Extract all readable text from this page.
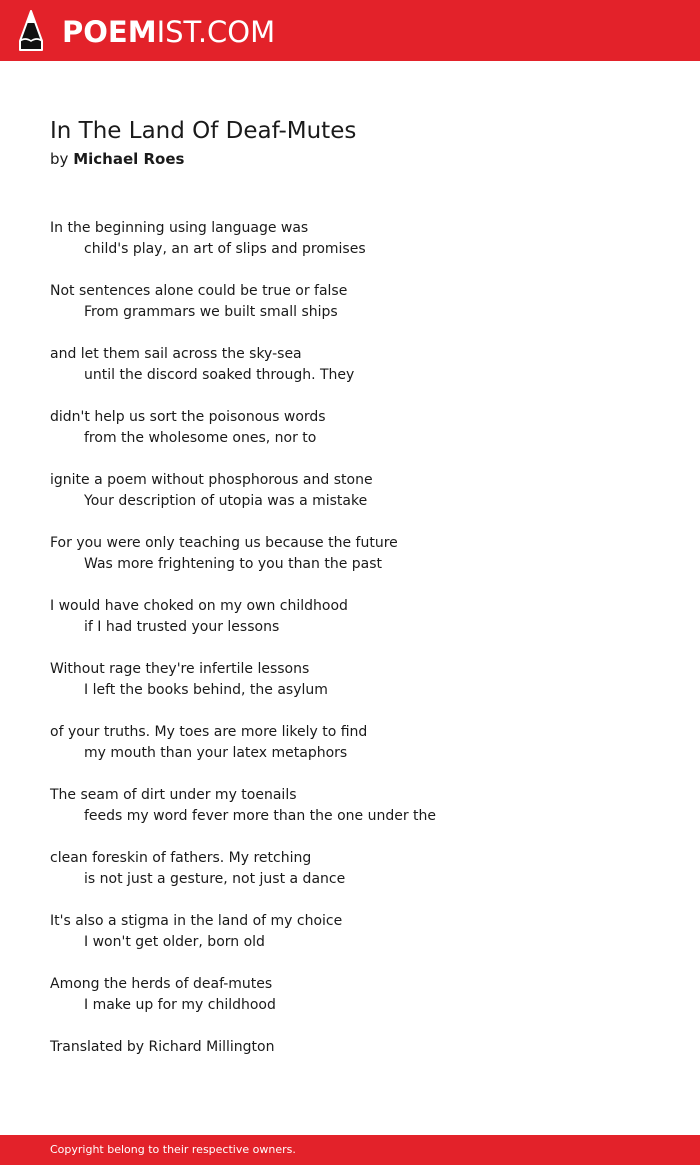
POEMIST.COM
In The Land Of Deaf-Mutes
by Michael Roes
In the beginning using language was
child's play, an art of slips and promises
Not sentences alone could be true or false
From grammars we built small ships
and let them sail across the sky-sea
until the discord soaked through. They
didn't help us sort the poisonous words
from the wholesome ones, nor to
ignite a poem without phosphorous and stone
Your description of utopia was a mistake
For you were only teaching us because the future
Was more frightening to you than the past
I would have choked on my own childhood
if I had trusted your lessons
Without rage they're infertile lessons
I left the books behind, the asylum
of your truths. My toes are more likely to find
my mouth than your latex metaphors
The seam of dirt under my toenails
feeds my word fever more than the one under the
clean foreskin of fathers. My retching
is not just a gesture, not just a dance
It's also a stigma in the land of my choice
I won't get older, born old
Among the herds of deaf-mutes
I make up for my childhood
Translated by Richard Millington
Copyright belong to their respective owners.
